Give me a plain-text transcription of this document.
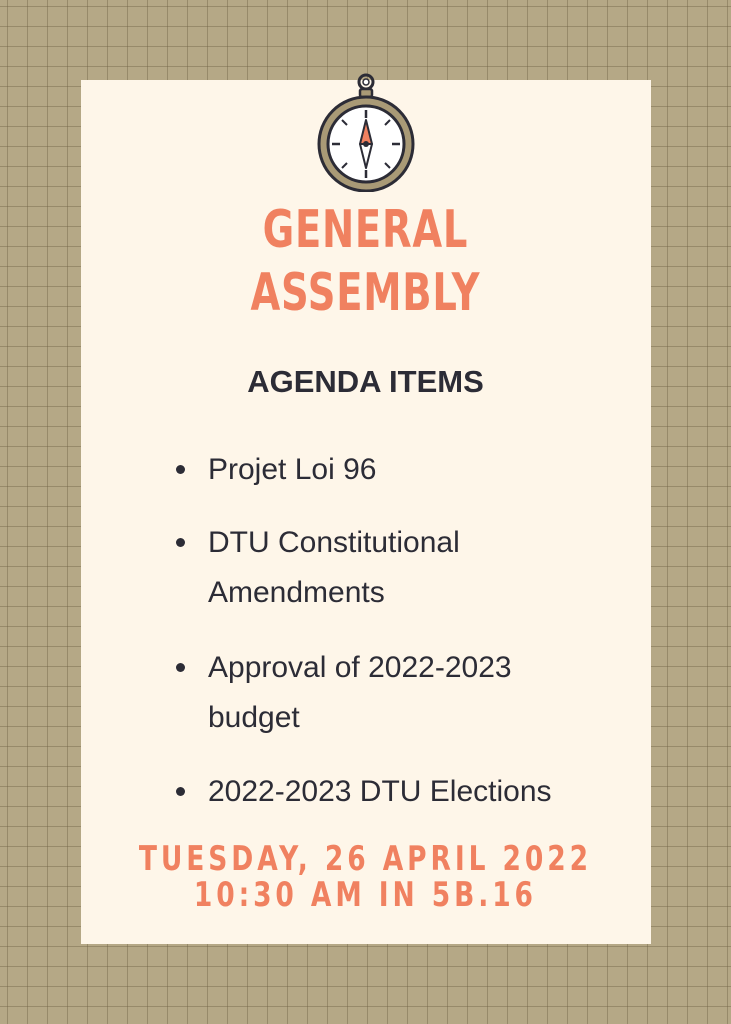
GENERAL
ASSEMBLY
AGENDA ITEMS
Projet Loi 96
DTU Constitutional Amendments
Approval of 2022-2023 budget
2022-2023 DTU Elections
TUESDAY, 26 APRIL 2022
10:30 AM IN 5B.16
